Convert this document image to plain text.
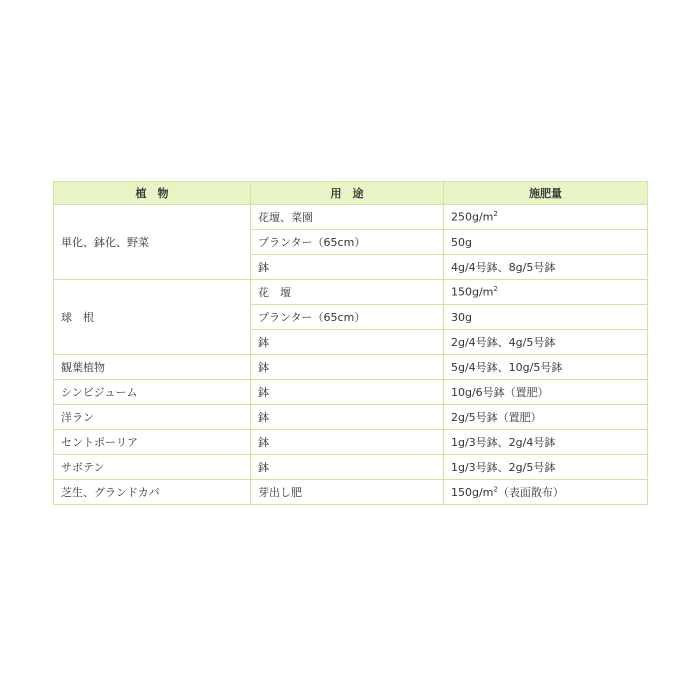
植　物	用　途	施肥量
単化、鉢化、野菜	花壇、菜園	$250g/m^2$
	プランター（65cm）	50g
	鉢	4g/4号鉢、8g/5号鉢
球　根	花　壇	$150g/m^2$
	プランター（65cm）	30g
	鉢	2g/4号鉢、4g/5号鉢
観葉植物	鉢	5g/4号鉢、10g/5号鉢
シンビジューム	鉢	10g/6号鉢（置肥）
洋ラン	鉢	2g/5号鉢（置肥）
セントポーリア	鉢	1g/3号鉢、2g/4号鉢
サボテン	鉢	1g/3号鉢、2g/5号鉢
芝生、グランドカバ	芽出し肥	$150g/m^2$（表面散布）
